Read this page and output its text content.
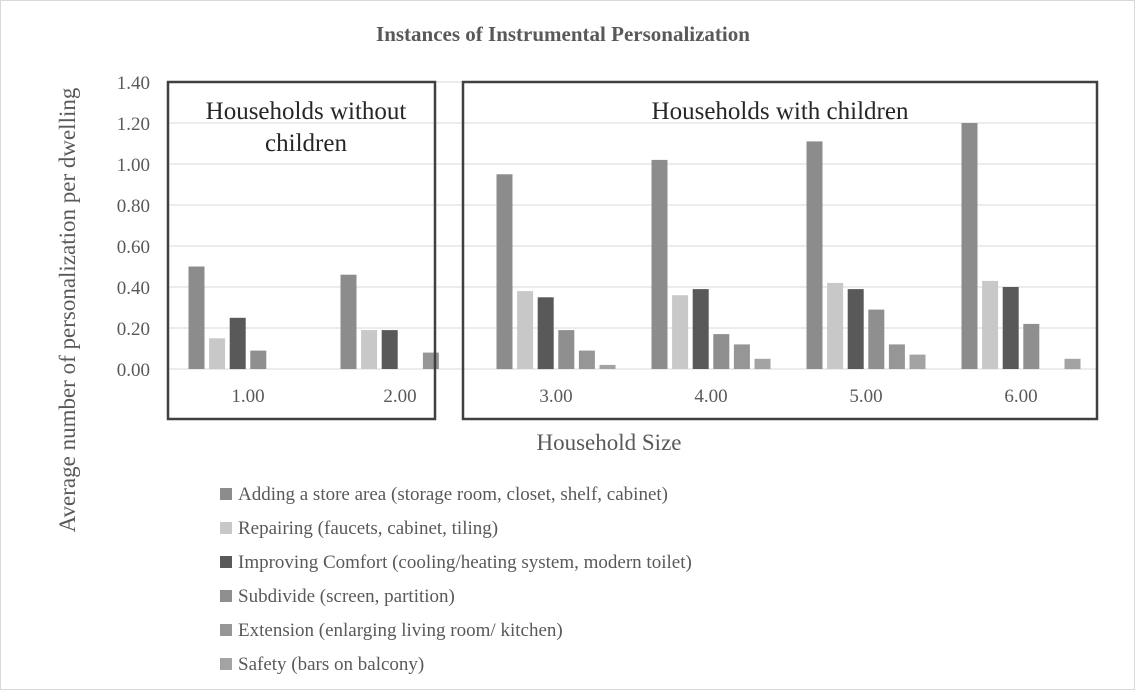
Instances of Instrumental Personalization
Households without
children
Households with children
0.00
0.20
0.40
0.60
0.80
1.00
1.20
1.40
1.00	2.00	3.00	4.00	5.00	6.00
Average number of personalization per dwelling	Household Size
Adding a store area (storage room, closet, shelf, cabinet)
Repairing (faucets, cabinet, tiling)
Improving Comfort (cooling/heating system, modern toilet)
Subdivide (screen, partition)
Extension (enlarging living room/ kitchen)
Safety (bars on balcony)
